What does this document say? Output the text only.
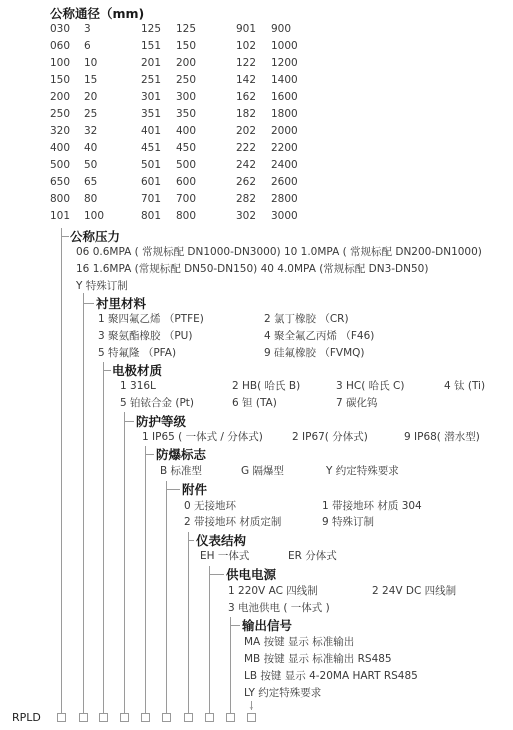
公称通径（mm)
030 3	125 125	901 900
060 6	151 150	102 1000
100 10	201 200	122 1200
150 15	251 250	142 1400
200 20	301 300	162 1600
250 25	351 350	182 1800
320 32	401 400	202 2000
400 40	451 450	222 2200
500 50	501 500	242 2400
650 65	601 600	262 2600
800 80	701 700	282 2800
101 100	801 800	302 3000
公称压力
06 0.6MPA ( 常规标配 DN1000-DN3000) 10 1.0MPA ( 常规标配 DN200-DN1000)
16 1.6MPA (常规标配 DN50-DN150) 40 4.0MPA (常规标配 DN3-DN50)
Y 特殊订制
衬里材料
1 聚四氟乙烯 （PTFE)	2 氯丁橡胶 （CR)
3 聚氨酯橡胶 （PU)	4 聚全氟乙丙烯 （F46)
5 特氟隆 （PFA)	9 硅氟橡胶 （FVMQ)
电极材质
1 316L	2 HB( 哈氏 B)	3 HC( 哈氏 C)	4 钛 (Ti)
5 铂铱合金 (Pt)	6 钽 (TA)	7 碳化钨
防护等级
1 IP65 ( 一体式 / 分体式)	2 IP67( 分体式)	9 IP68( 潜水型)
防爆标志
B 标准型	G 隔爆型	Y 约定特殊要求
附件
0 无接地环	1 带接地环 材质 304
2 带接地环 材质定制	9 特殊订制
仪表结构
EH 一体式	ER 分体式
供电电源
1 220V AC 四线制	2 24V DC 四线制
3 电池供电 ( 一体式 )
输出信号
MA 按键 显示 标准输出
MB 按键 显示 标准输出 RS485
LB 按键 显示 4-20MA HART RS485
LY 约定特殊要求
↓
RPLD
